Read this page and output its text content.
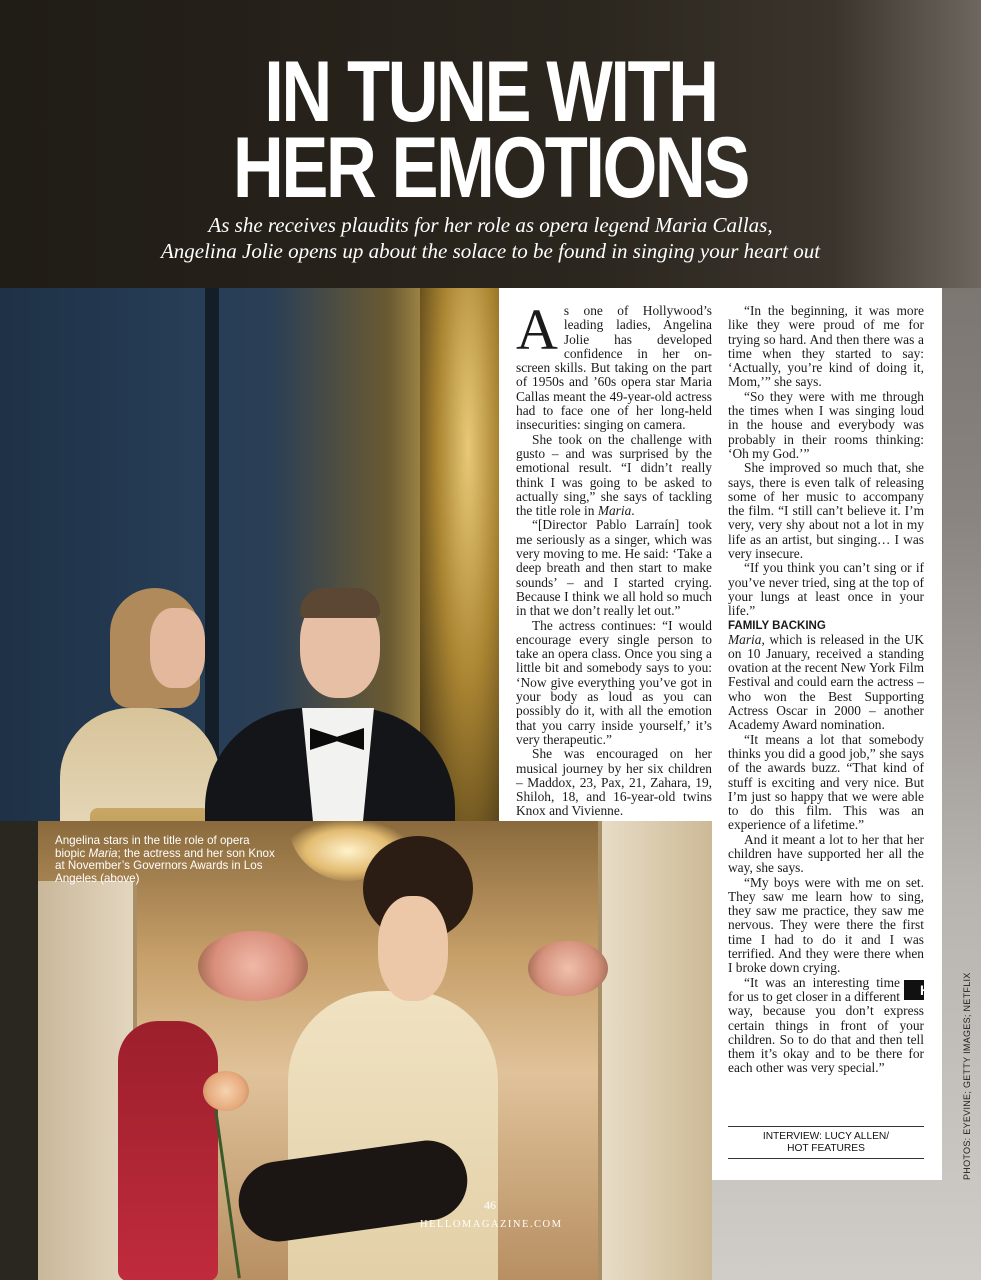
IN TUNE WITH
HER EMOTIONS
As she receives plaudits for her role as opera legend Maria Callas,
Angelina Jolie opens up about the solace to be found in singing your heart out
Angelina stars in the title role of opera biopic Maria; the actress and her son Knox at November’s Governors Awards in Los Angeles (above)
46
HELLOMAGAZINE.COM

As one of Hollywood’s leading ladies, Angelina Jolie has developed confidence in her on-screen skills. But taking on the part of 1950s and ’60s opera star Maria Callas meant the 49-year-old actress had to face one of her long-held insecurities: singing on camera.

She took on the challenge with gusto – and was surprised by the emotional result. “I didn’t really think I was going to be asked to actually sing,” she says of tackling the title role in Maria.

“[Director Pablo Larraín] took me seriously as a singer, which was very moving to me. He said: ‘Take a deep breath and then start to make sounds’ – and I started crying. Because I think we all hold so much in that we don’t really let out.”

The actress continues: “I would encourage every single person to take an opera class. Once you sing a little bit and somebody says to you: ‘Now give everything you’ve got in your body as loud as you can possibly do it, with all the emotion that you carry inside yourself,’ it’s very therapeutic.”

She was encouraged on her musical journey by her six children – Maddox, 23, Pax, 21, Zahara, 19, Shiloh, 18, and 16-year-old twins Knox and Vivienne.

“In the beginning, it was more like they were proud of me for trying so hard. And then there was a time when they started to say: ‘Actually, you’re kind of doing it, Mom,’” she says.

“So they were with me through the times when I was singing loud in the house and everybody was probably in their rooms thinking: ‘Oh my God.’”

She improved so much that, she says, there is even talk of releasing some of her music to accompany the film. “I still can’t believe it. I’m very, very shy about not a lot in my life as an artist, but singing… I was very insecure.

“If you think you can’t sing or if you’ve never tried, sing at the top of your lungs at least once in your life.”

FAMILY BACKING

Maria, which is released in the UK on 10 January, received a standing ovation at the recent New York Film Festival and could earn the actress – who won the Best Supporting Actress Oscar in 2000 – another Academy Award nomination.

“It means a lot that somebody thinks you did a good job,” she says of the awards buzz. “That kind of stuff is exciting and very nice. But I’m just so happy that we were able to do this film. This was an experience of a lifetime.”

And it meant a lot to her that her children have supported her all the way, she says.

“My boys were with me on set. They saw me learn how to sing, they saw me practice, they saw me nervous. They were there the first time I had to do it and I was terrified. And they were there when I broke down crying.

H
“It was an interesting time for us to get closer in a different way, because you don’t express certain things in front of your children. So to do that and then tell them it’s okay and to be there for each other was very special.”

INTERVIEW: LUCY ALLEN/
HOT FEATURES	PHOTOS: EYEVINE; GETTY IMAGES; NETFLIX
